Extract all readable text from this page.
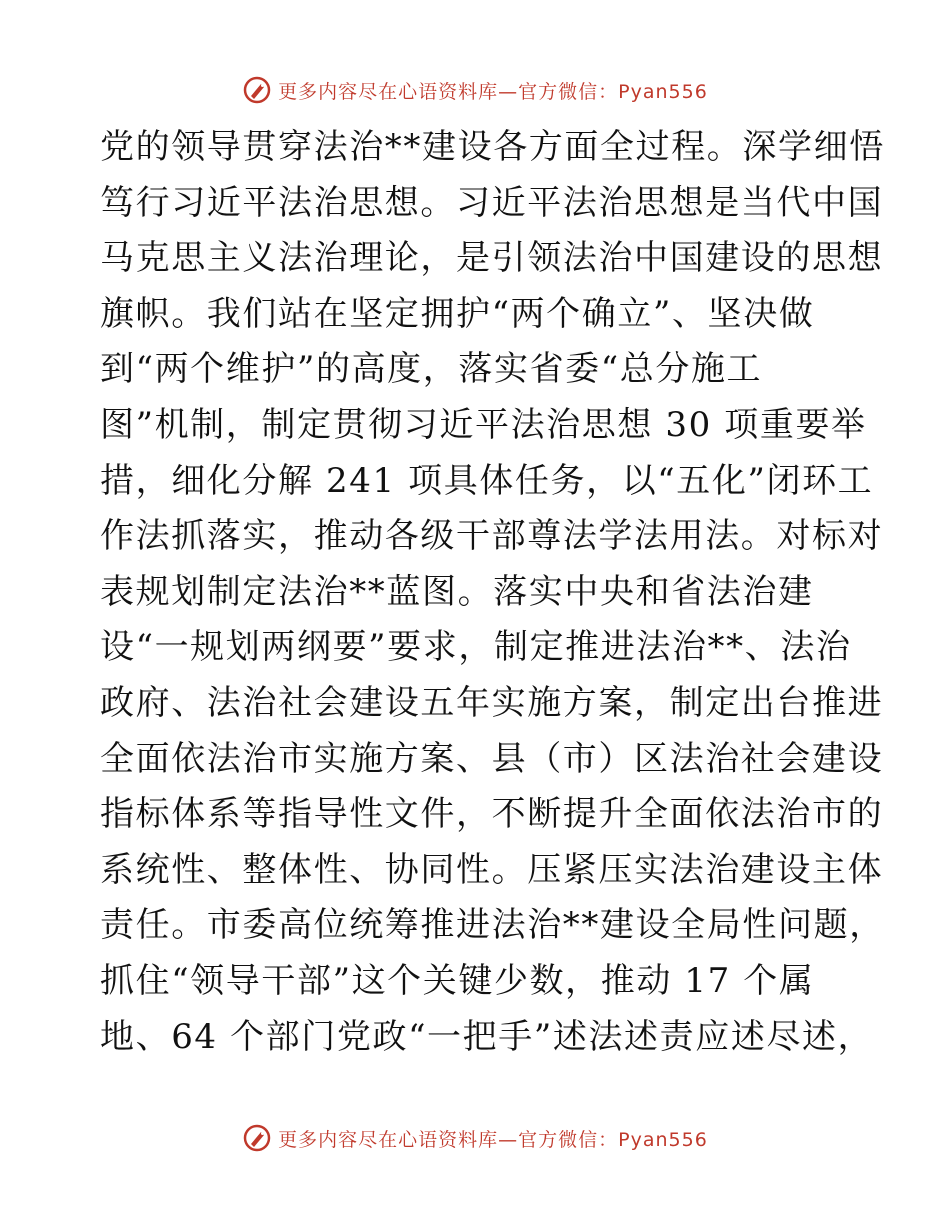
更多内容尽在心语资料库—官方微信：Pyan556
党的领导贯穿法治**建设各方面全过程。深学细悟
笃行习近平法治思想。习近平法治思想是当代中国
马克思主义法治理论，是引领法治中国建设的思想
旗帜。我们站在坚定拥护“两个确立”、坚决做
到“两个维护”的高度，落实省委“总分施工
图”机制，制定贯彻习近平法治思想 30 项重要举
措，细化分解 241 项具体任务，以“五化”闭环工
作法抓落实，推动各级干部尊法学法用法。对标对
表规划制定法治**蓝图。落实中央和省法治建
设“一规划两纲要”要求，制定推进法治**、法治
政府、法治社会建设五年实施方案，制定出台推进
全面依法治市实施方案、县（市）区法治社会建设
指标体系等指导性文件，不断提升全面依法治市的
系统性、整体性、协同性。压紧压实法治建设主体
责任。市委高位统筹推进法治**建设全局性问题，
抓住“领导干部”这个关键少数，推动 17 个属
地、64 个部门党政“一把手”述法述责应述尽述，
更多内容尽在心语资料库—官方微信：Pyan556
